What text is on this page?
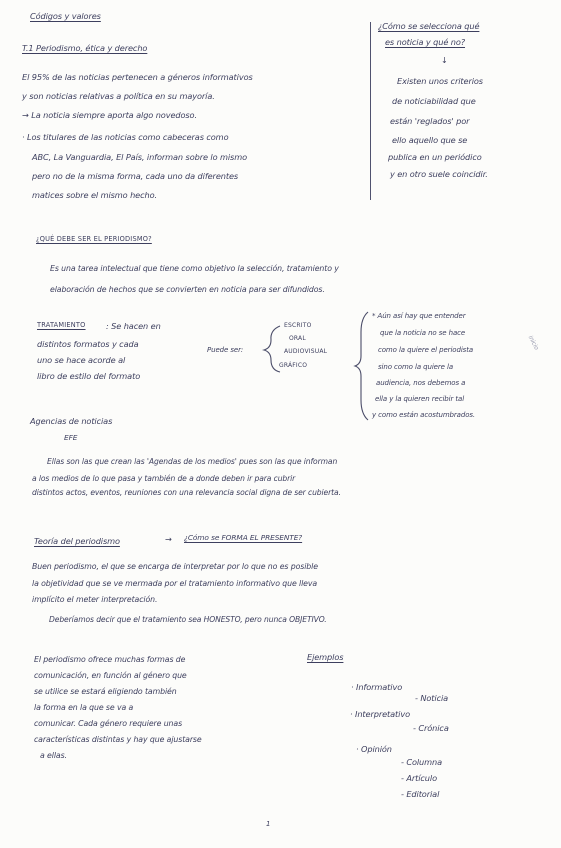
Códigos y valores
T.1 Periodismo, ética y derecho
El 95% de las noticias pertenecen a géneros informativos
y son noticias relativas a política en su mayoría.
→ La noticia siempre aporta algo novedoso.
· Los titulares de las noticias como cabeceras como
ABC, La Vanguardia, El País, informan sobre lo mismo
pero no de la misma forma, cada uno da diferentes
matices sobre el mismo hecho.
¿Cómo se selecciona qué
es noticia y qué no?
↓
Existen unos criterios
de noticiabilidad que
están 'reglados' por
ello aquello que se
publica en un periódico
y en otro suele coincidir.
¿QUÉ DEBE SER EL PERIODISMO?
Es una tarea intelectual que tiene como objetivo la selección, tratamiento y
elaboración de hechos que se convierten en noticia para ser difundidos.
TRATAMIENTO : Se hacen en
distintos formatos y cada
uno se hace acorde al
libro de estilo del formato
Puede ser:
ESCRITO
ORAL
AUDIOVISUAL
GRÁFICO
* Aún así hay que entender
que la noticia no se hace
como la quiere el periodista
sino como la quiere la
audiencia, nos debemos a
ella y la quieren recibir tal
y como están acostumbrados.
inicio
Agencias de noticias
EFE
Ellas son las que crean las 'Agendas de los medios' pues son las que informan
a los medios de lo que pasa y también de a donde deben ir para cubrir
distintos actos, eventos, reuniones con una relevancia social digna de ser cubierta.
Teoría del periodismo	→ ¿Cómo se FORMA EL PRESENTE?
Buen periodismo, el que se encarga de interpretar por lo que no es posible
la objetividad que se ve mermada por el tratamiento informativo que lleva
implícito el meter interpretación.
Deberíamos decir que el tratamiento sea HONESTO, pero nunca OBJETIVO.
El periodismo ofrece muchas formas de
comunicación, en función al género que
se utilice se estará eligiendo también
la forma en la que se va a
comunicar. Cada género requiere unas
características distintas y hay que ajustarse
a ellas.
Ejemplos
· Informativo
- Noticia
· Interpretativo
- Crónica
· Opinión
- Columna
- Artículo
- Editorial
1
